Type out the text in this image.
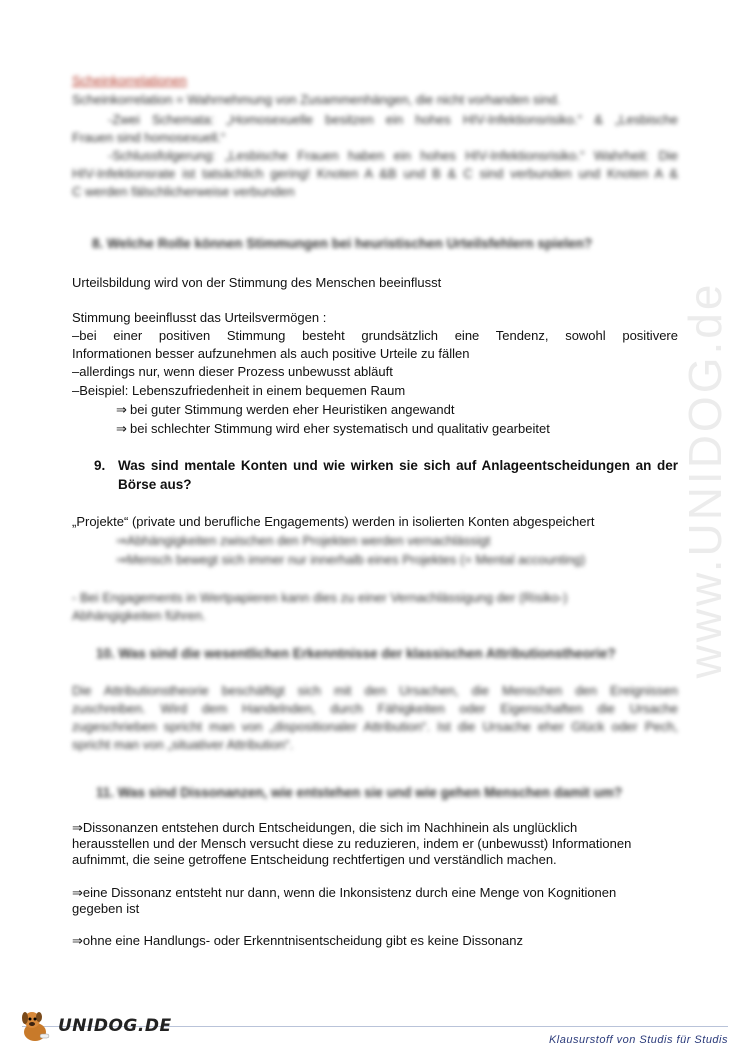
www.UNIDOG.de
Scheinkorrelationen
Scheinkorrelation = Wahrnehmung von Zusammenhängen, die nicht vorhanden sind.
-Zwei Schemata: „Homosexuelle besitzen ein hohes HIV-Infektionsrisiko.“ & „Lesbische
Frauen sind homosexuell.“
-Schlussfolgerung: „Lesbische Frauen haben ein hohes HIV-Infektionsrisiko.“ Wahrheit: Die
HIV-Infektionsrate ist tatsächlich gering! Knoten A &B und B & C sind verbunden und Knoten A &
C werden fälschlicherweise verbunden
8. Welche Rolle können Stimmungen bei heuristischen Urteilsfehlern spielen?
Urteilsbildung wird von der Stimmung des Menschen beeinflusst
Stimmung beeinflusst das Urteilsvermögen :
–bei einer positiven Stimmung besteht grundsätzlich eine Tendenz, sowohl positivere
Informationen besser aufzunehmen als auch positive Urteile zu fällen
–allerdings nur, wenn dieser Prozess unbewusst abläuft
–Beispiel: Lebenszufriedenheit in einem bequemen Raum
⇒ bei guter Stimmung werden eher Heuristiken angewandt
⇒ bei schlechter Stimmung wird eher systematisch und qualitativ gearbeitet
9. Was sind mentale Konten und wie wirken sie sich auf Anlageentscheidungen an der
Börse aus?
„Projekte“ (private und berufliche Engagements) werden in isolierten Konten abgespeichert
⇒Abhängigkeiten zwischen den Projekten werden vernachlässigt
⇒Mensch bewegt sich immer nur innerhalb eines Projektes (= Mental accounting)
- Bei Engagements in Wertpapieren kann dies zu einer Vernachlässigung der (Risiko-)
Abhängigkeiten führen.
10. Was sind die wesentlichen Erkenntnisse der klassischen Attributionstheorie?
Die Attributionstheorie beschäftigt sich mit den Ursachen, die Menschen den Ereignissen
zuschreiben. Wird dem Handelnden, durch Fähigkeiten oder Eigenschaften die Ursache
zugeschrieben spricht man von „dispositionaler Attribution“. Ist die Ursache eher Glück oder Pech,
spricht man von „situativer Attribution“.
11. Was sind Dissonanzen, wie entstehen sie und wie gehen Menschen damit um?
⇒Dissonanzen entstehen durch Entscheidungen, die sich im Nachhinein als unglücklich
herausstellen und der Mensch versucht diese zu reduzieren, indem er (unbewusst) Informationen
aufnimmt, die seine getroffene Entscheidung rechtfertigen und verständlich machen.
⇒eine Dissonanz entsteht nur dann, wenn die Inkonsistenz durch eine Menge von Kognitionen
gegeben ist
⇒ohne eine Handlungs- oder Erkenntnisentscheidung gibt es keine Dissonanz
UNIDOG.DE
Klausurstoff von Studis für Studis
